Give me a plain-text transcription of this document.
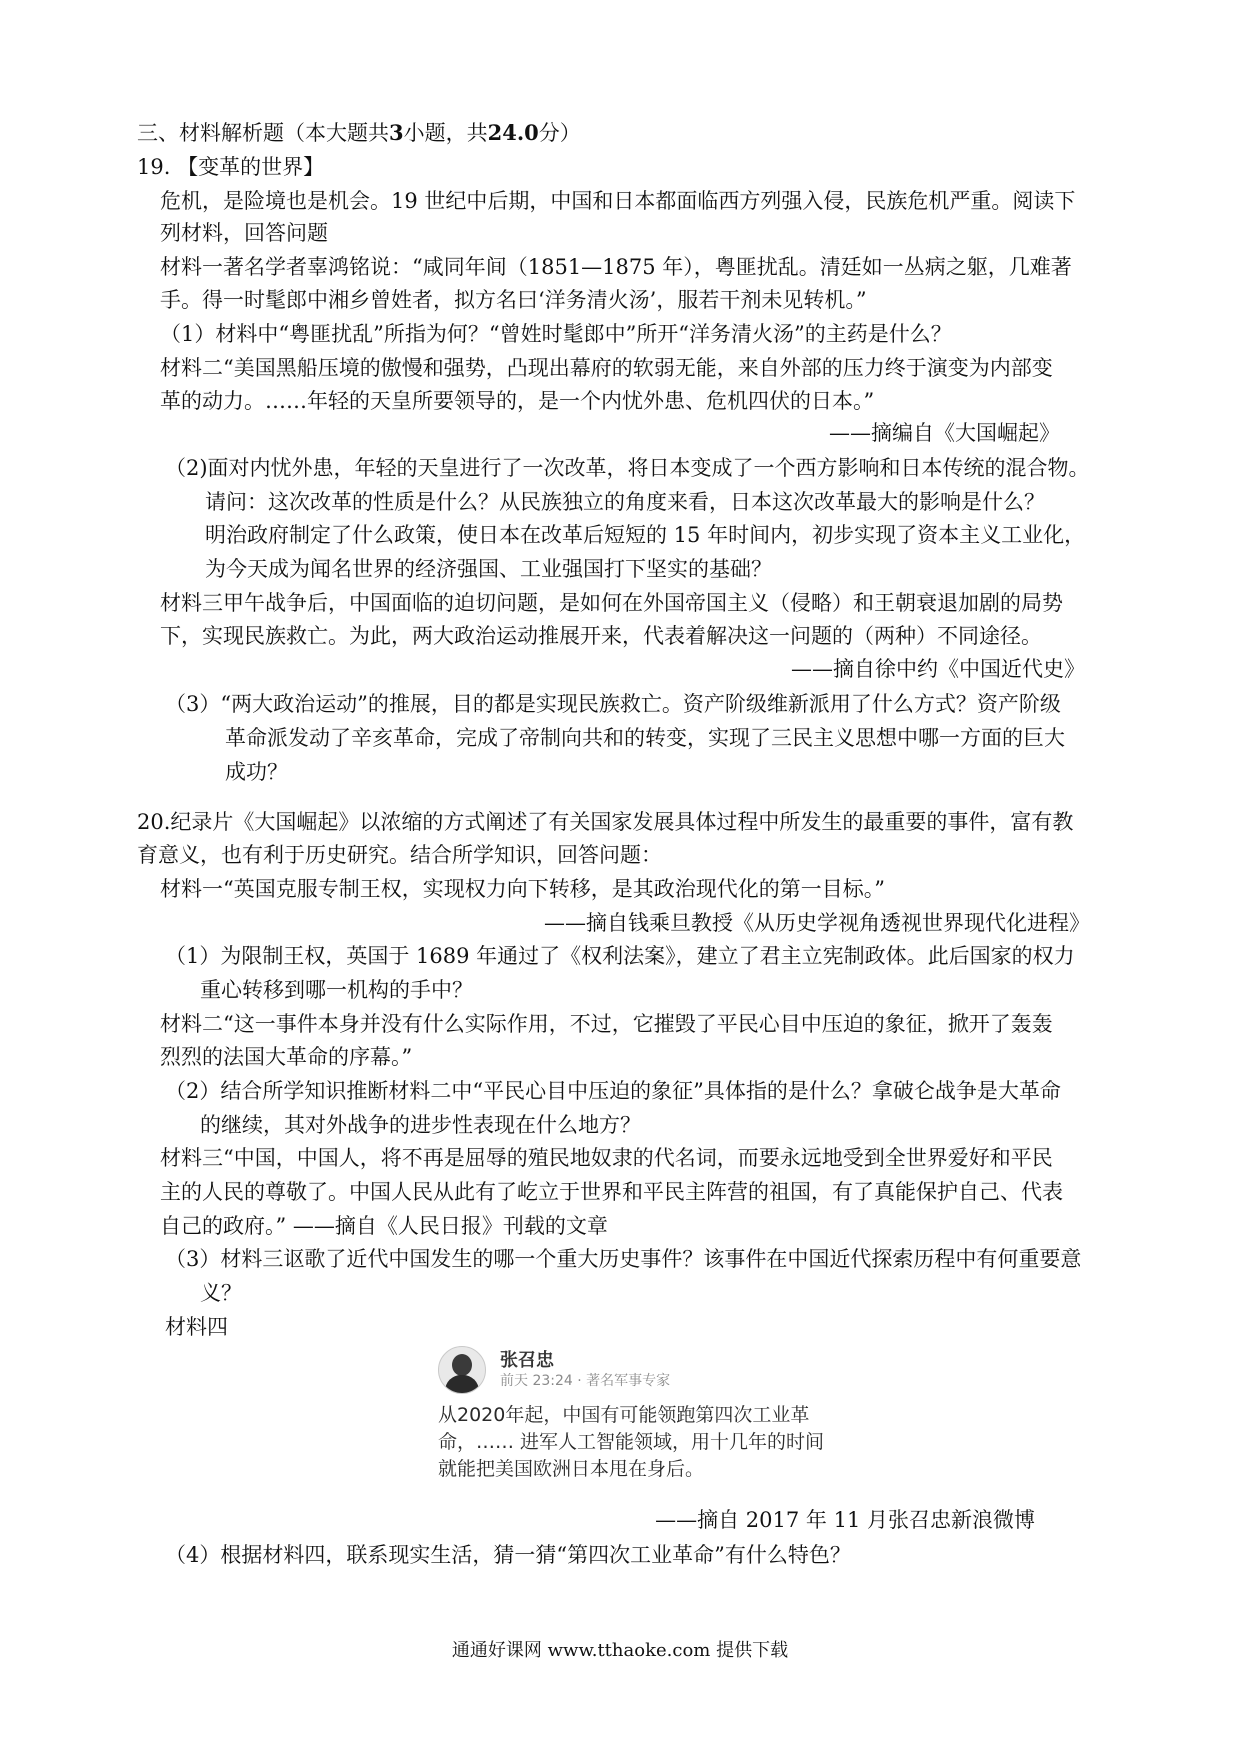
三、材料解析题（本大题共3小题，共24.0分）
19. 【变革的世界】
危机，是险境也是机会。19 世纪中后期，中国和日本都面临西方列强入侵，民族危机严重。阅读下
列材料，回答问题
材料一著名学者辜鸿铭说：“咸同年间（1851—1875 年），粤匪扰乱。清廷如一丛病之躯，几难著
手。得一时髦郎中湘乡曾姓者，拟方名曰‘洋务清火汤’，服若干剂未见转机。”
（1）材料中“粤匪扰乱”所指为何？“曾姓时髦郎中”所开“洋务清火汤”的主药是什么？
材料二“美国黑船压境的傲慢和强势，凸现出幕府的软弱无能，来自外部的压力终于演变为内部变
革的动力。……年轻的天皇所要领导的，是一个内忧外患、危机四伏的日本。”
——摘编自《大国崛起》
（2)面对内忧外患，年轻的天皇进行了一次改革，将日本变成了一个西方影响和日本传统的混合物。
请问：这次改革的性质是什么？从民族独立的角度来看，日本这次改革最大的影响是什么？
明治政府制定了什么政策，使日本在改革后短短的 15 年时间内，初步实现了资本主义工业化，
为今天成为闻名世界的经济强国、工业强国打下坚实的基础？
材料三甲午战争后，中国面临的迫切问题，是如何在外国帝国主义（侵略）和王朝衰退加剧的局势
下，实现民族救亡。为此，两大政治运动推展开来，代表着解决这一问题的（两种）不同途径。
——摘自徐中约《中国近代史》
（3）“两大政治运动”的推展，目的都是实现民族救亡。资产阶级维新派用了什么方式？资产阶级
革命派发动了辛亥革命，完成了帝制向共和的转变，实现了三民主义思想中哪一方面的巨大
成功？
20.纪录片《大国崛起》以浓缩的方式阐述了有关国家发展具体过程中所发生的最重要的事件，富有教
育意义，也有利于历史研究。结合所学知识，回答问题：
材料一“英国克服专制王权，实现权力向下转移，是其政治现代化的第一目标。”
——摘自钱乘旦教授《从历史学视角透视世界现代化进程》
（1）为限制王权，英国于 1689 年通过了《权利法案》，建立了君主立宪制政体。此后国家的权力
重心转移到哪一机构的手中？
材料二“这一事件本身并没有什么实际作用，不过，它摧毁了平民心目中压迫的象征，掀开了轰轰
烈烈的法国大革命的序幕。”
（2）结合所学知识推断材料二中“平民心目中压迫的象征”具体指的是什么？拿破仑战争是大革命
的继续，其对外战争的进步性表现在什么地方？
材料三“中国，中国人，将不再是屈辱的殖民地奴隶的代名词，而要永远地受到全世界爱好和平民
主的人民的尊敬了。中国人民从此有了屹立于世界和平民主阵营的祖国，有了真能保护自己、代表
自己的政府。” ——摘自《人民日报》刊载的文章
（3）材料三讴歌了近代中国发生的哪一个重大历史事件？该事件在中国近代探索历程中有何重要意
义？
材料四
张召忠
前天 23:24 · 著名军事专家
从2020年起，中国有可能领跑第四次工业革
命，…… 进军人工智能领域，用十几年的时间
就能把美国欧洲日本甩在身后。
——摘自 2017 年 11 月张召忠新浪微博
（4）根据材料四，联系现实生活，猜一猜“第四次工业革命”有什么特色？
通通好课网 www.tthaoke.com 提供下载
